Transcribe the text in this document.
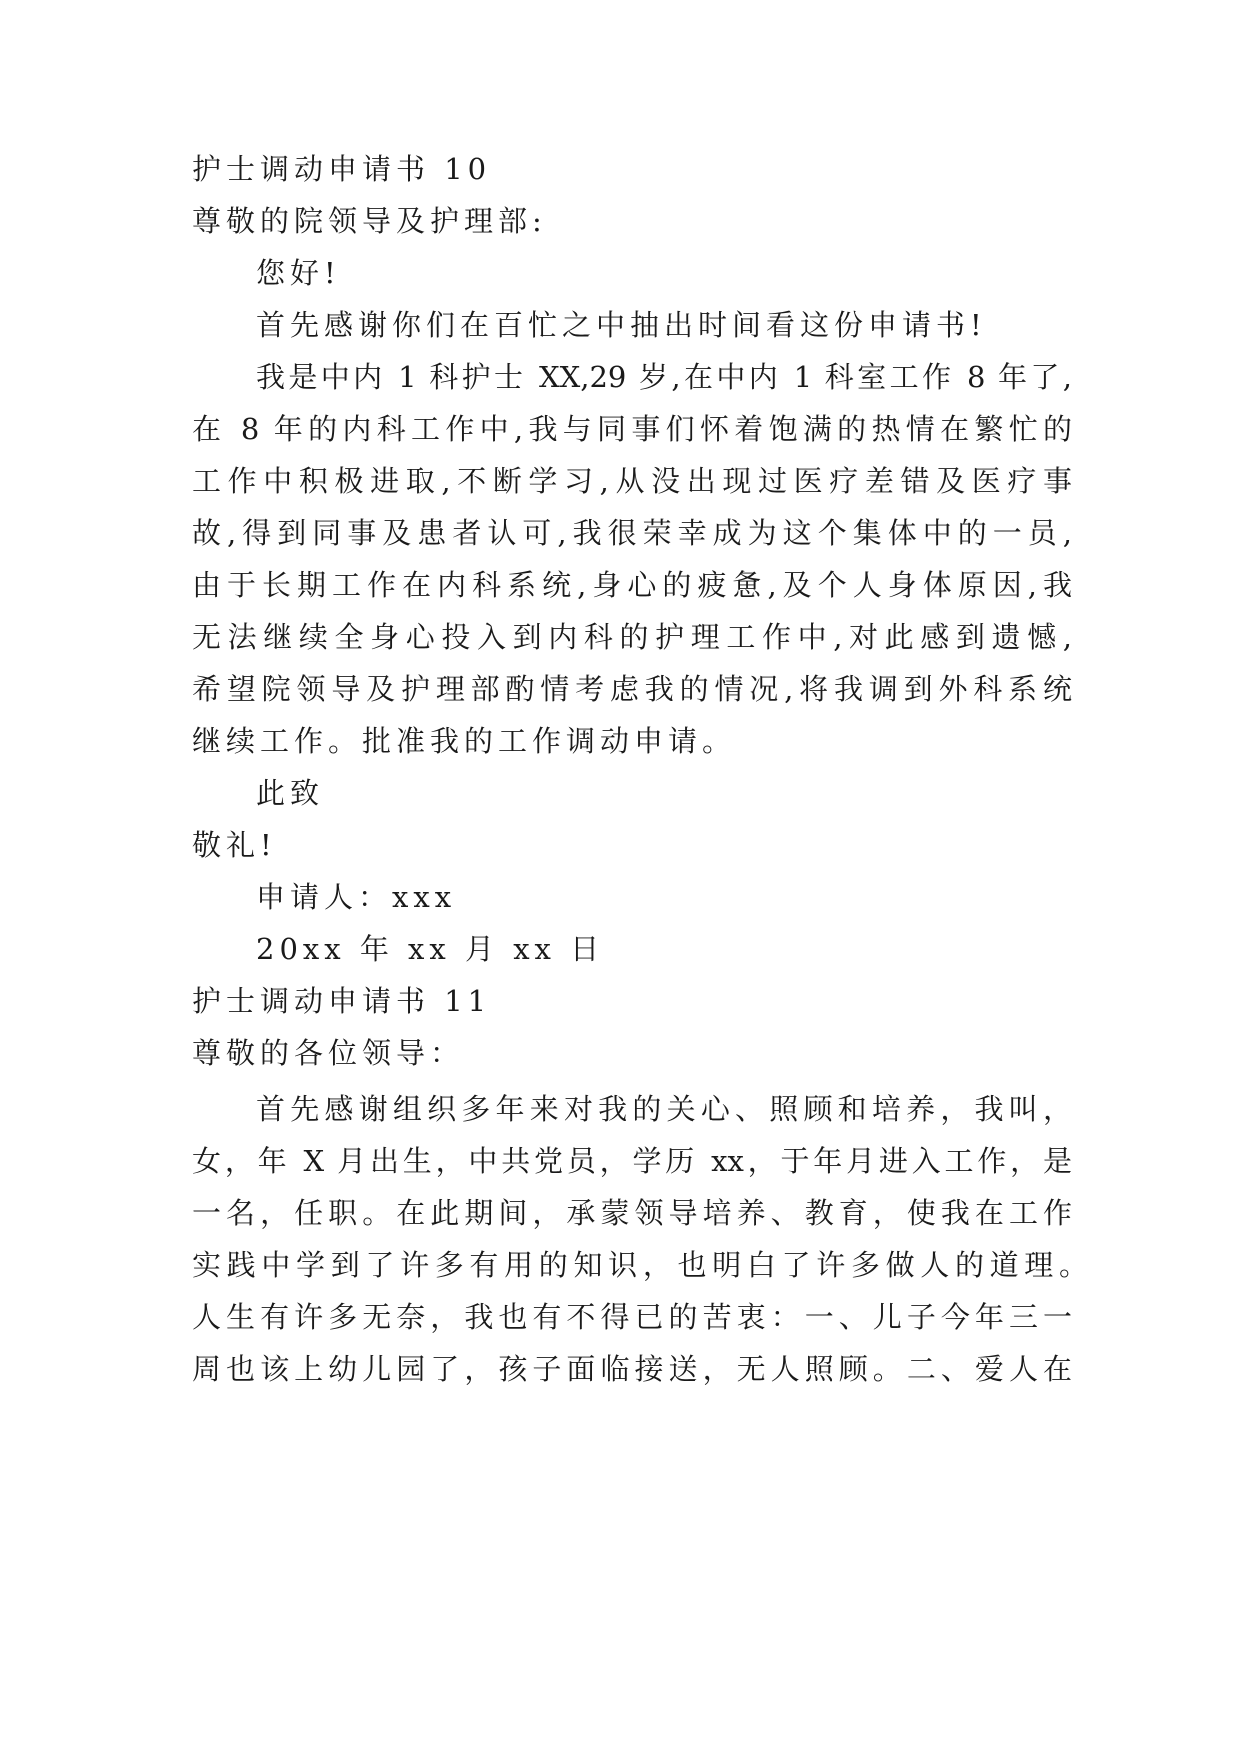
护士调动申请书 10
尊敬的院领导及护理部:
您好!
首先感谢你们在百忙之中抽出时间看这份申请书!
我是中内 1 科护士 XX,29 岁,在中内 1 科室工作 8 年了,
在 8 年的内科工作中,我与同事们怀着饱满的热情在繁忙的
工作中积极进取,不断学习,从没出现过医疗差错及医疗事
故,得到同事及患者认可,我很荣幸成为这个集体中的一员,
由于长期工作在内科系统,身心的疲惫,及个人身体原因,我
无法继续全身心投入到内科的护理工作中,对此感到遗憾,
希望院领导及护理部酌情考虑我的情况,将我调到外科系统
继续工作。批准我的工作调动申请。
此致
敬礼!
申请人：xxx
20xx 年 xx 月 xx 日
护士调动申请书 11
尊敬的各位领导：
首先感谢组织多年来对我的关心、照顾和培养，我叫，
女，年 X 月出生，中共党员，学历 xx，于年月进入工作，是
一名，任职。在此期间，承蒙领导培养、教育，使我在工作
实践中学到了许多有用的知识，也明白了许多做人的道理。
人生有许多无奈，我也有不得已的苦衷：一、儿子今年三一
周也该上幼儿园了，孩子面临接送，无人照顾。二、爱人在
